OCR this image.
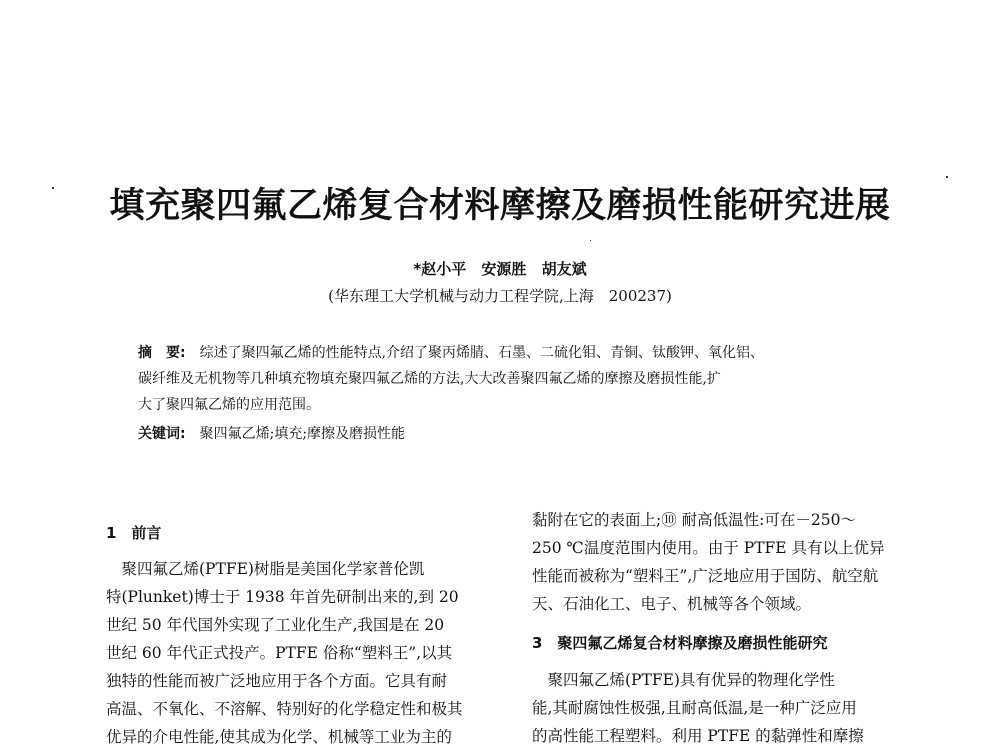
填充聚四氟乙烯复合材料摩擦及磨损性能研究进展
*赵小平 安源胜 胡友斌
(华东理工大学机械与动力工程学院,上海　200237)
摘　要: 综述了聚四氟乙烯的性能特点,介绍了聚丙烯腈、石墨、二硫化钼、青铜、钛酸钾、氧化铝、
碳纤维及无机物等几种填充物填充聚四氟乙烯的方法,大大改善聚四氟乙烯的摩擦及磨损性能,扩
大了聚四氟乙烯的应用范围。
关键词: 聚四氟乙烯;填充;摩擦及磨损性能
1　前言
　聚四氟乙烯(PTFE)树脂是美国化学家普伦凯
特(Plunket)博士于 1938 年首先研制出来的,到 20
世纪 50 年代国外实现了工业化生产,我国是在 20
世纪 60 年代正式投产。PTFE 俗称“塑料王”,以其
独特的性能而被广泛地应用于各个方面。它具有耐
高温、不氧化、不溶解、特别好的化学稳定性和极其
优异的介电性能,使其成为化学、机械等工业为主的
黏附在它的表面上;⑩ 耐高低温性:可在－250～
250 ℃温度范围内使用。由于 PTFE 具有以上优异
性能而被称为“塑料王”,广泛地应用于国防、航空航
天、石油化工、电子、机械等各个领域。
3　聚四氟乙烯复合材料摩擦及磨损性能研究
　聚四氟乙烯(PTFE)具有优异的物理化学性
能,其耐腐蚀性极强,且耐高低温,是一种广泛应用
的高性能工程塑料。利用 PTFE 的黏弹性和摩擦
